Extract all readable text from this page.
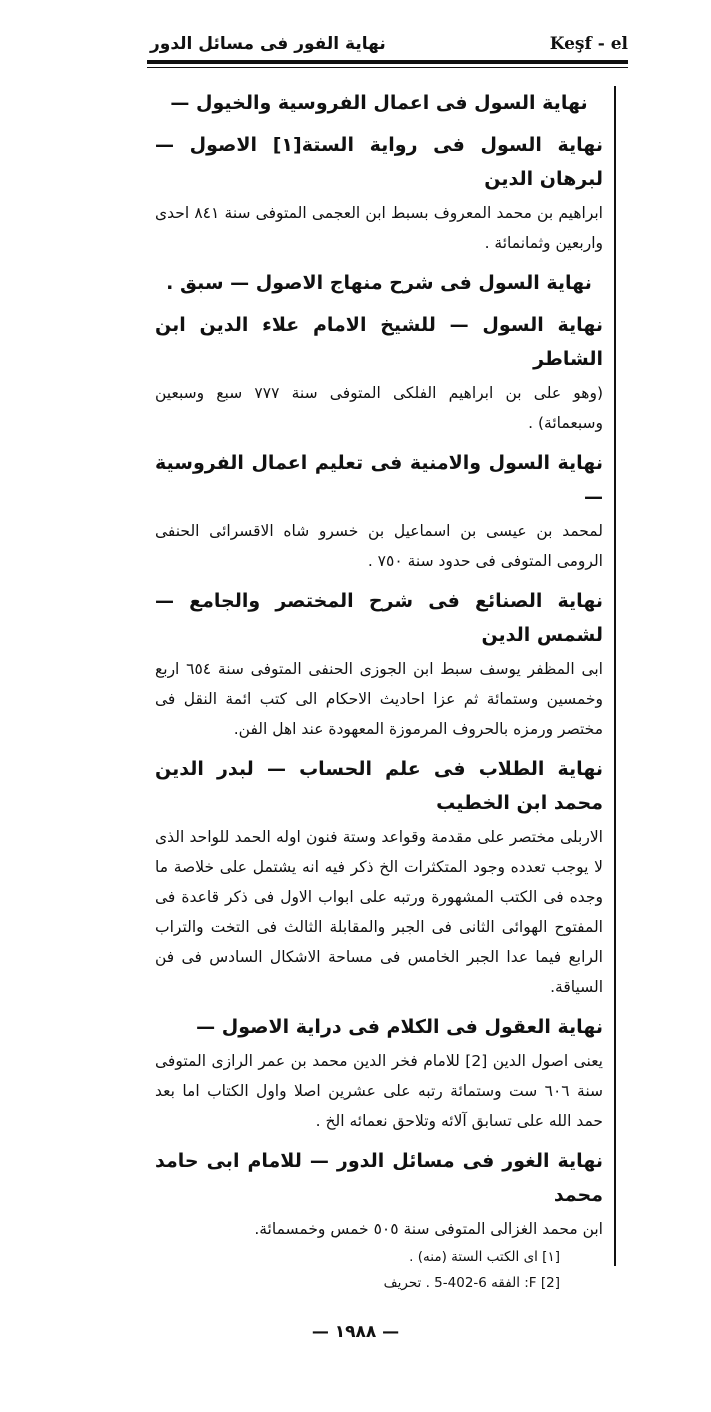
نهاية الفور فى مسائل الدور	Keşf - el
نهاية السول فى اعمال الفروسية والخيول —
نهاية السول فى رواية الستة[١] الاصول — لبرهان الدين
ابراهيم بن محمد المعروف بسبط ابن العجمى المتوفى سنة ٨٤١ احدى واربعين وثمانمائة .
نهاية السول فى شرح منهاج الاصول — سبق .
نهاية السول — للشيخ الامام علاء الدين ابن الشاطر
(وهو على بن ابراهيم الفلكى المتوفى سنة ٧٧٧ سبع وسبعين وسبعمائة) .
نهاية السول والامنية فى تعليم اعمال الفروسية —
لمحمد بن عيسى بن اسماعيل بن خسرو شاه الاقسرائى الحنفى الرومى المتوفى فى حدود سنة ٧٥٠ .
نهاية الصنائع فى شرح المختصر والجامع — لشمس الدين
ابى المظفر يوسف سبط ابن الجوزى الحنفى المتوفى سنة ٦٥٤ اربع وخمسين وستمائة ثم عزا احاديث الاحكام الى كتب ائمة النقل فى مختصر ورمزه بالحروف المرموزة المعهودة عند اهل الفن.
نهاية الطلاب فى علم الحساب — لبدر الدين محمد ابن الخطيب
الاربلى مختصر على مقدمة وقواعد وستة فنون اوله الحمد للواحد الذى لا يوجب تعدده وجود المتكثرات الخ ذكر فيه انه يشتمل على خلاصة ما وجده فى الكتب المشهورة ورتبه على ابواب الاول فى ذكر قاعدة فى المفتوح الهوائى الثانى فى الجبر والمقابلة الثالث فى التخت والتراب الرابع فيما عدا الجبر الخامس فى مساحة الاشكال السادس فى فن السياقة.
نهاية العقول فى الكلام فى دراية الاصول —
يعنى اصول الدين [2] للامام فخر الدين محمد بن عمر الرازى المتوفى سنة ٦٠٦ ست وستمائة رتبه على عشرين اصلا واول الكتاب اما بعد حمد الله على تسابق آلائه وتلاحق نعمائه الخ .
نهاية الغور فى مسائل الدور — للامام ابى حامد محمد
ابن محمد الغزالى المتوفى سنة ٥٠٥ خمس وخمسمائة.
[١] اى الكتب الستة (منه) .
[2] F: الفقه 6-402-5 . تحريف
— ١٩٨٨ —
